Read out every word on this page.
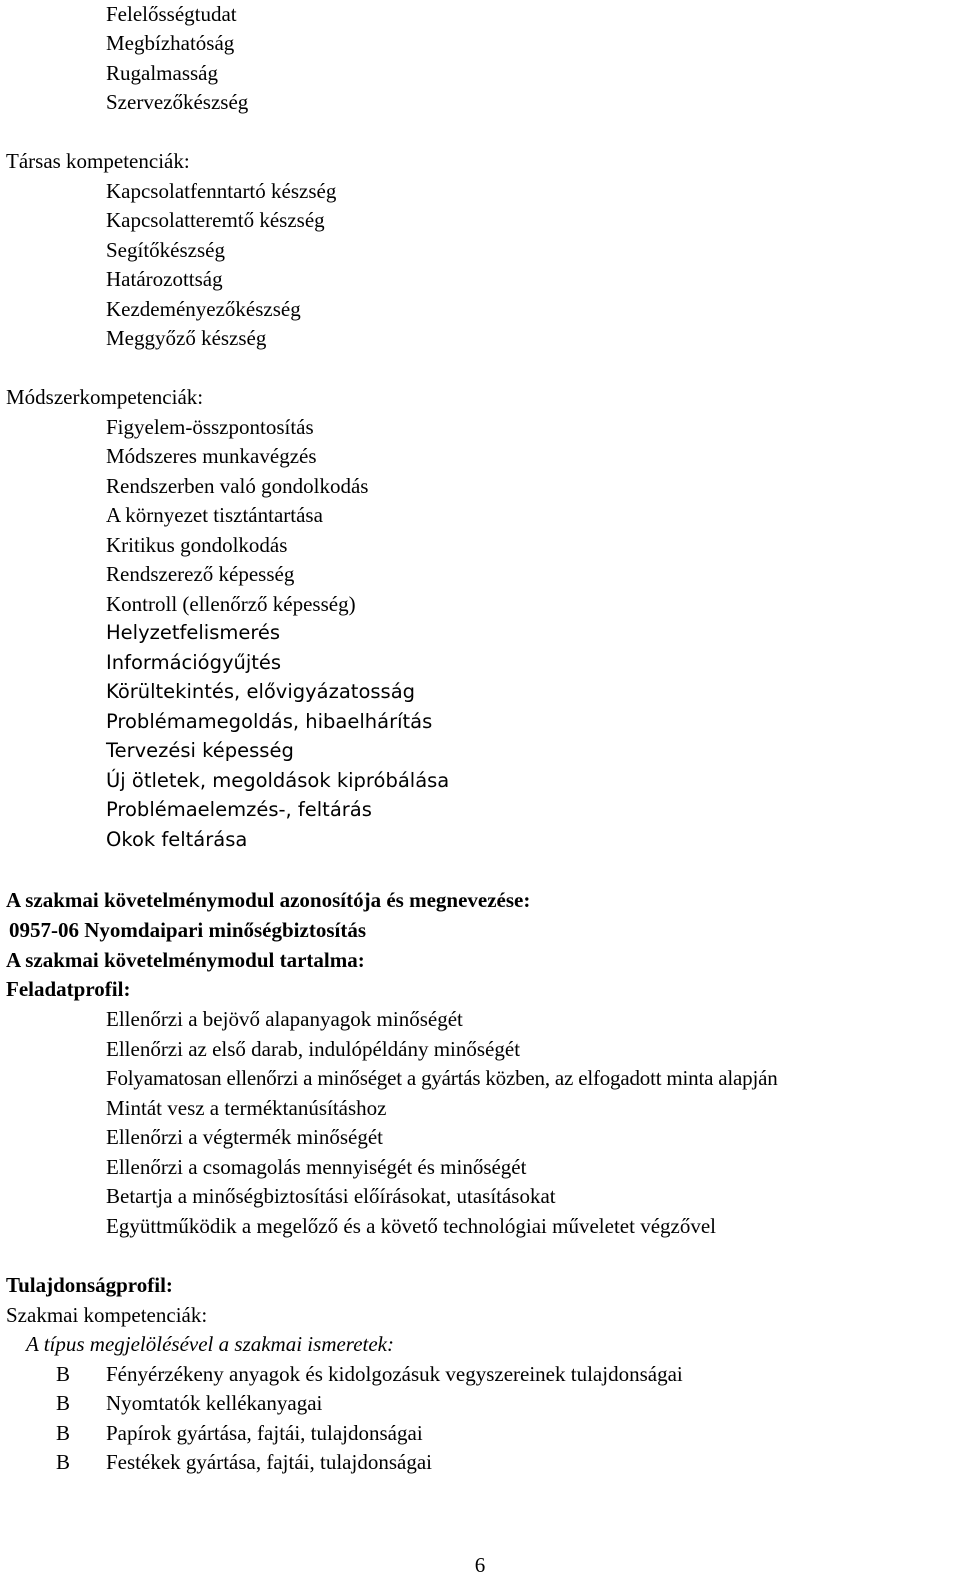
Felelősségtudat
Megbízhatóság
Rugalmasság
Szervezőkészség
Társas kompetenciák:
Kapcsolatfenntartó készség
Kapcsolatteremtő készség
Segítőkészség
Határozottság
Kezdeményezőkészség
Meggyőző készség
Módszerkompetenciák:
Figyelem-összpontosítás
Módszeres munkavégzés
Rendszerben való gondolkodás
A környezet tisztántartása
Kritikus gondolkodás
Rendszerező képesség
Kontroll (ellenőrző képesség)
Helyzetfelismerés
Információgyűjtés
Körültekintés, elővigyázatosság
Problémamegoldás, hibaelhárítás
Tervezési képesség
Új ötletek, megoldások kipróbálása
Problémaelemzés-, feltárás
Okok feltárása
A szakmai követelménymodul azonosítója és megnevezése:
0957-06 Nyomdaipari minőségbiztosítás
A szakmai követelménymodul tartalma:
Feladatprofil:
Ellenőrzi a bejövő alapanyagok minőségét
Ellenőrzi az első darab, indulópéldány minőségét
Folyamatosan ellenőrzi a minőséget a gyártás közben, az elfogadott minta alapján
Mintát vesz a terméktanúsításhoz
Ellenőrzi a végtermék minőségét
Ellenőrzi a csomagolás mennyiségét és minőségét
Betartja a minőségbiztosítási előírásokat, utasításokat
Együttműködik a megelőző és a követő technológiai műveletet végzővel
Tulajdonságprofil:
Szakmai kompetenciák:
A típus megjelölésével a szakmai ismeretek:
B	Fényérzékeny anyagok és kidolgozásuk vegyszereinek tulajdonságai
B	Nyomtatók kellékanyagai
B	Papírok gyártása, fajtái, tulajdonságai
B	Festékek gyártása, fajtái, tulajdonságai
6
